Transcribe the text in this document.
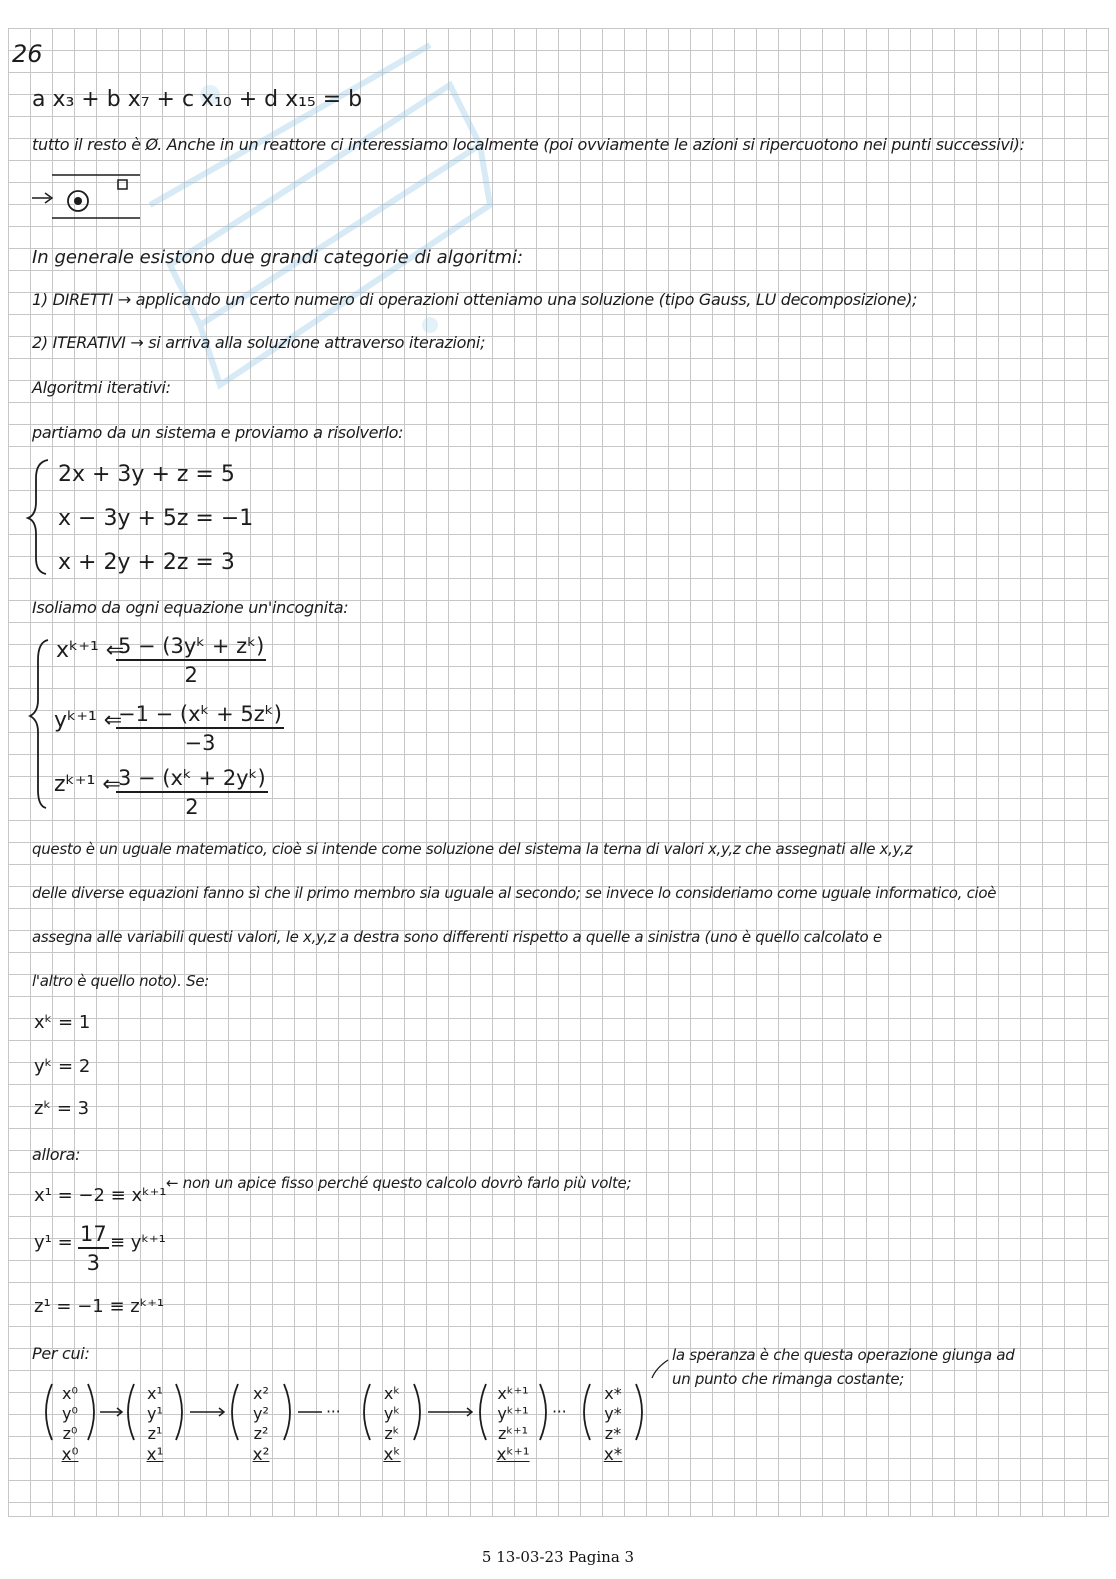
26
a x₃ + b x₇ + c x₁₀ + d x₁₅ = b
tutto il resto è Ø. Anche in un reattore ci interessiamo localmente (poi ovviamente le azioni si ripercuotono nei punti successivi):
In generale esistono due grandi categorie di algoritmi:
1) DIRETTI → applicando un certo numero di operazioni otteniamo una soluzione (tipo Gauss, LU decomposizione);
2) ITERATIVI → si arriva alla soluzione attraverso iterazioni;
Algoritmi iterativi:
partiamo da un sistema e proviamo a risolverlo:
2x + 3y + z = 5
x − 3y + 5z = −1
x + 2y + 2z = 3
Isoliamo da ogni equazione un'incognita:
xᵏ⁺¹ ⇐
$\frac{\text{5 − (3yᵏ + zᵏ)}}{2}$
yᵏ⁺¹ ⇐
$\frac{\text{−1 − (xᵏ + 5zᵏ)}}{-3}$
zᵏ⁺¹ ⇐
$\frac{\text{3 − (xᵏ + 2yᵏ)}}{2}$
questo è un uguale matematico, cioè si intende come soluzione del sistema la terna di valori x,y,z che assegnati alle x,y,z
delle diverse equazioni fanno sì che il primo membro sia uguale al secondo; se invece lo consideriamo come uguale informatico, cioè
assegna alle variabili questi valori, le x,y,z a destra sono differenti rispetto a quelle a sinistra (uno è quello calcolato e
l'altro è quello noto). Se:
xᵏ = 1
yᵏ = 2
zᵏ = 3
allora:
x¹ = −2 ≡ xᵏ⁺¹
← non un apice fisso perché questo calcolo dovrò farlo più volte;
$y^1 = \frac{17}{3}$ ≡ yᵏ⁺¹
z¹ = −1 ≡ zᵏ⁺¹
Per cui:	la speranza è che questa operazione giunga ad
un punto che rimanga costante;
···	···
x⁰
y⁰
z⁰
x⁰
x¹
y¹
z¹
x¹
x²
y²
z²
x²
xᵏ
yᵏ
zᵏ
xᵏ
xᵏ⁺¹
yᵏ⁺¹
zᵏ⁺¹
xᵏ⁺¹
x*
y*
z*
x*
5 13-03-23 Pagina 3
